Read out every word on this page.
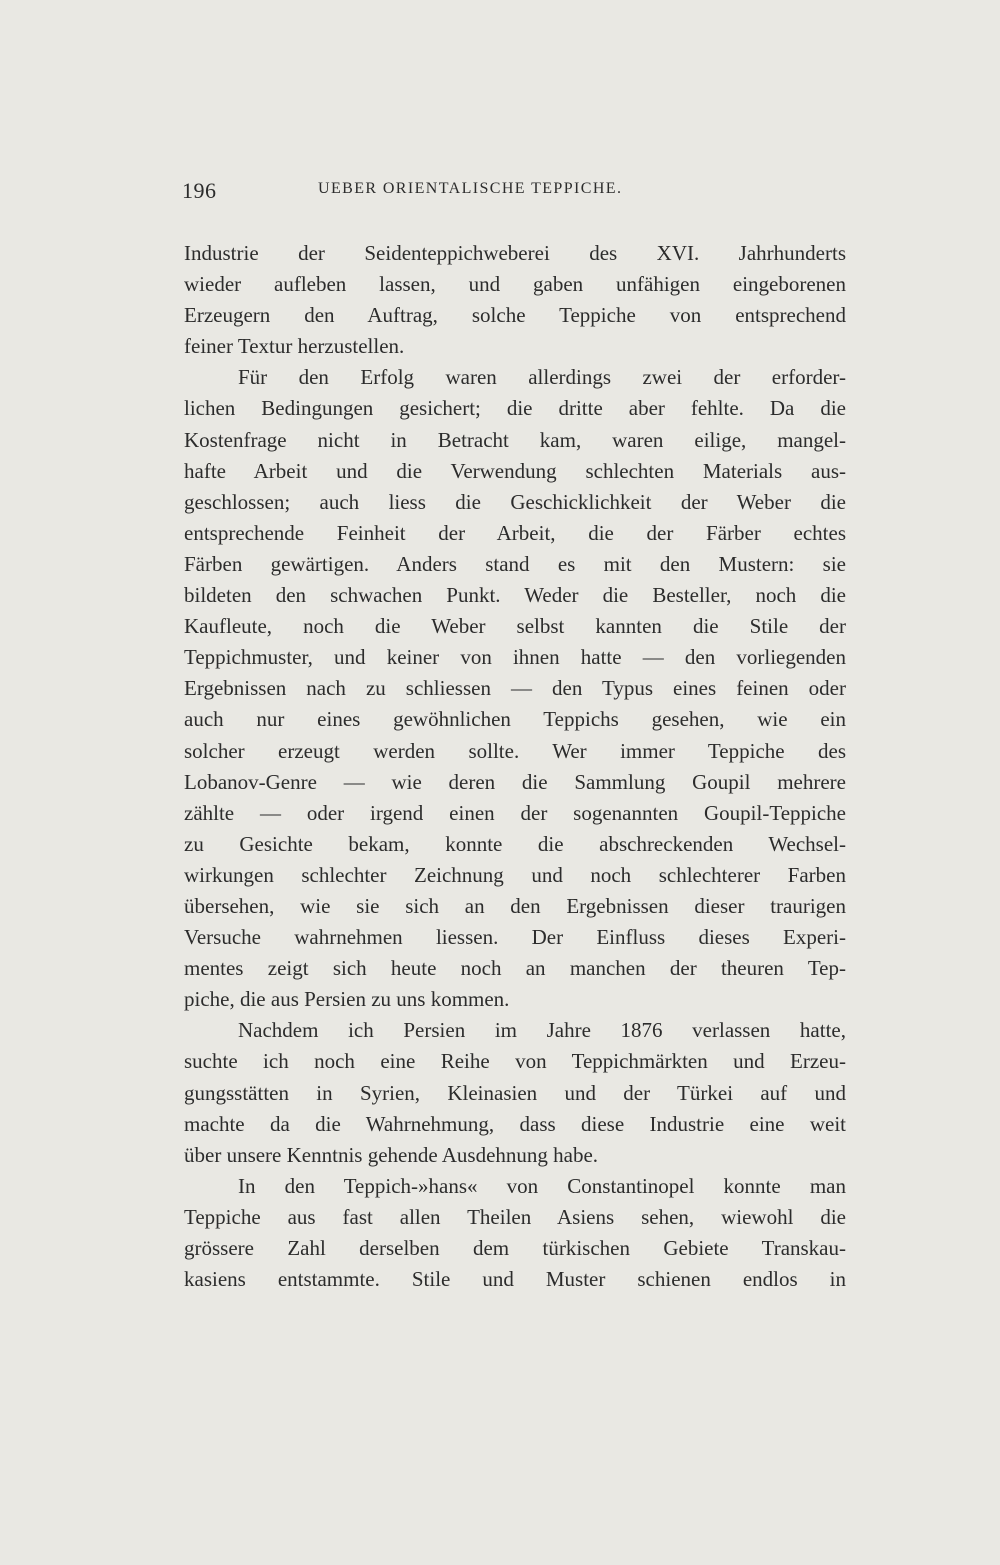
196	UEBER ORIENTALISCHE TEPPICHE.
Industrie der Seidenteppichweberei des XVI. Jahrhunderts
wieder aufleben lassen, und gaben unfähigen eingeborenen
Erzeugern den Auftrag, solche Teppiche von entsprechend
feiner Textur herzustellen.
Für den Erfolg waren allerdings zwei der erforder-
lichen Bedingungen gesichert; die dritte aber fehlte. Da die
Kostenfrage nicht in Betracht kam, waren eilige, mangel-
hafte Arbeit und die Verwendung schlechten Materials aus-
geschlossen; auch liess die Geschicklichkeit der Weber die
entsprechende Feinheit der Arbeit, die der Färber echtes
Färben gewärtigen. Anders stand es mit den Mustern: sie
bildeten den schwachen Punkt. Weder die Besteller, noch die
Kaufleute, noch die Weber selbst kannten die Stile der
Teppichmuster, und keiner von ihnen hatte — den vorliegenden
Ergebnissen nach zu schliessen — den Typus eines feinen oder
auch nur eines gewöhnlichen Teppichs gesehen, wie ein
solcher erzeugt werden sollte. Wer immer Teppiche des
Lobanov-Genre — wie deren die Sammlung Goupil mehrere
zählte — oder irgend einen der sogenannten Goupil-Teppiche
zu Gesichte bekam, konnte die abschreckenden Wechsel-
wirkungen schlechter Zeichnung und noch schlechterer Farben
übersehen, wie sie sich an den Ergebnissen dieser traurigen
Versuche wahrnehmen liessen. Der Einfluss dieses Experi-
mentes zeigt sich heute noch an manchen der theuren Tep-
piche, die aus Persien zu uns kommen.
Nachdem ich Persien im Jahre 1876 verlassen hatte,
suchte ich noch eine Reihe von Teppichmärkten und Erzeu-
gungsstätten in Syrien, Kleinasien und der Türkei auf und
machte da die Wahrnehmung, dass diese Industrie eine weit
über unsere Kenntnis gehende Ausdehnung habe.
In den Teppich-»hans« von Constantinopel konnte man
Teppiche aus fast allen Theilen Asiens sehen, wiewohl die
grössere Zahl derselben dem türkischen Gebiete Transkau-
kasiens entstammte. Stile und Muster schienen endlos in
